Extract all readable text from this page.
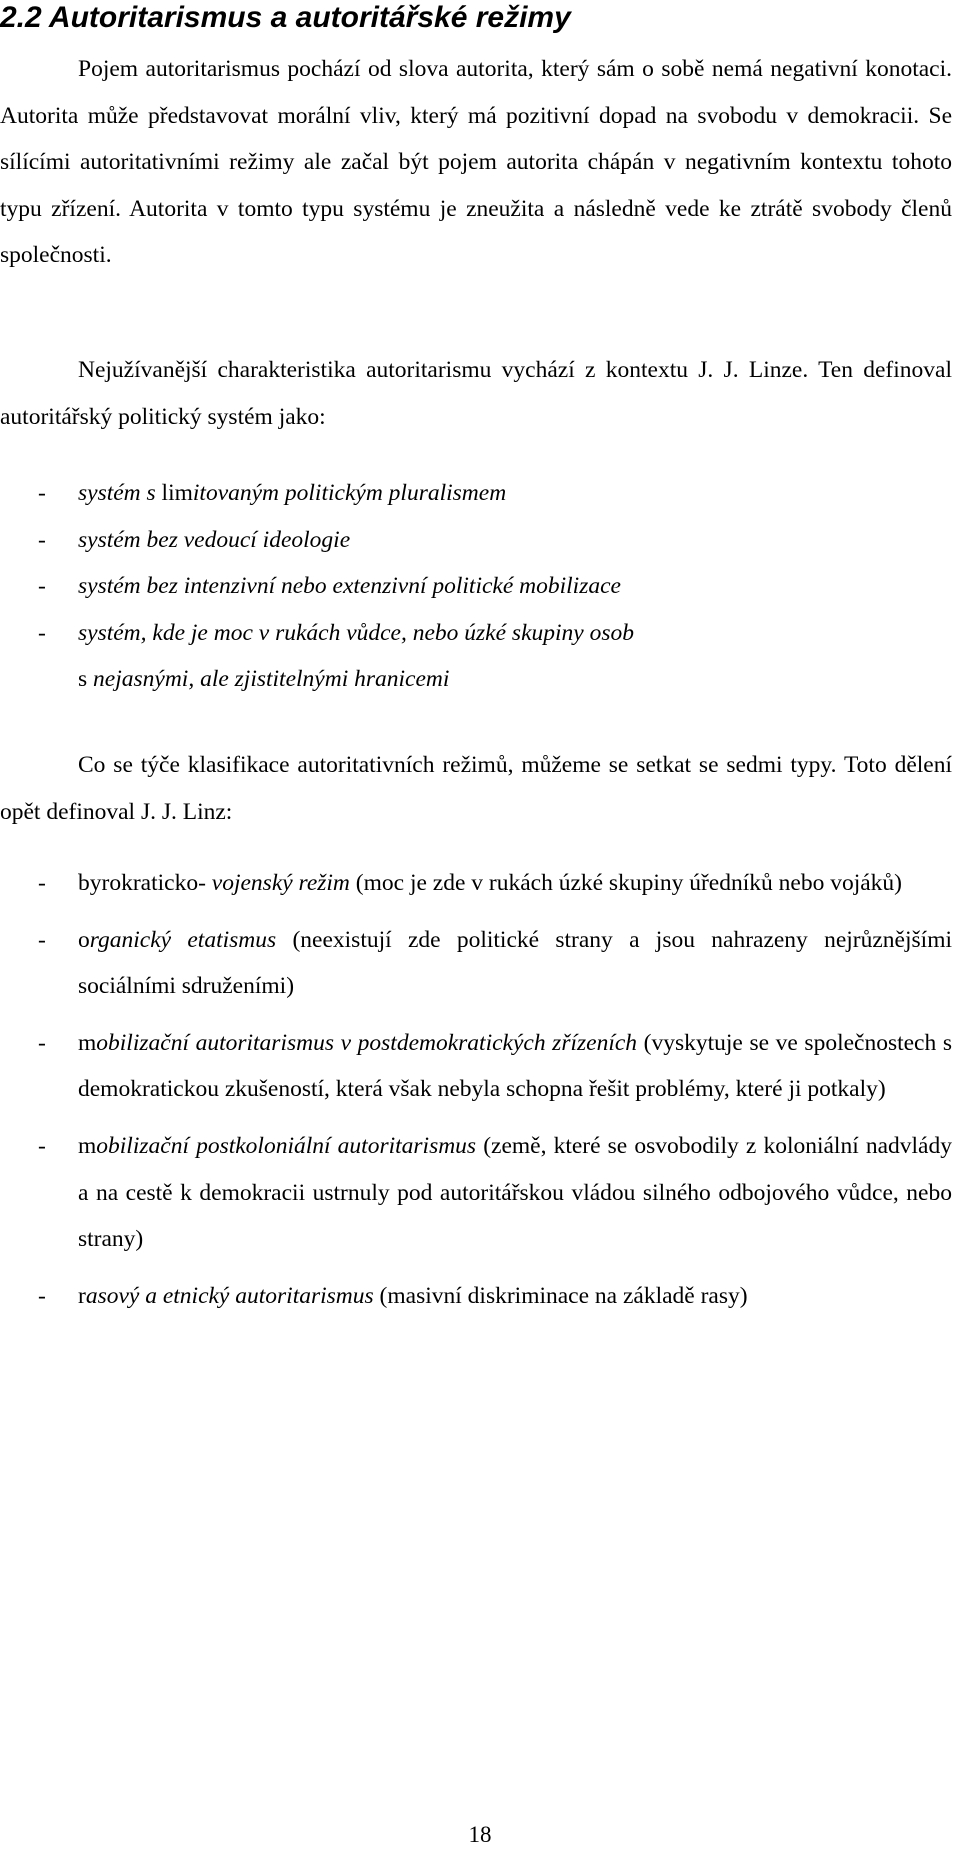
2.2 Autoritarismus a autoritářské režimy

Pojem autoritarismus pochází od slova autorita, který sám o sobě nemá negativní konotaci. Autorita může představovat morální vliv, který má pozitivní dopad na svobodu v demokracii. Se sílícími autoritativními režimy ale začal být pojem autorita chápán v negativním kontextu tohoto typu zřízení. Autorita v tomto typu systému je zneužita a následně vede ke ztrátě svobody členů společnosti.

Nejužívanější charakteristika autoritarismu vychází z kontextu J. J. Linze. Ten definoval autoritářský politický systém jako:

- systém s limitovaným politickým pluralismem
- systém bez vedoucí ideologie
- systém bez intenzivní nebo extenzivní politické mobilizace
- systém, kde je moc v rukách vůdce, nebo úzké skupiny osob
s nejasnými, ale zjistitelnými hranicemi

Co se týče klasifikace autoritativních režimů, můžeme se setkat se sedmi typy. Toto dělení opět definoval J. J. Linz:

- byrokraticko- vojenský režim (moc je zde v rukách úzké skupiny úředníků nebo vojáků)
- organický etatismus (neexistují zde politické strany a jsou nahrazeny nejrůznějšími sociálními sdruženími)
- mobilizační autoritarismus v postdemokratických zřízeních (vyskytuje se ve společnostech s demokratickou zkušeností, která však nebyla schopna řešit problémy, které ji potkaly)
- mobilizační postkoloniální autoritarismus (země, které se osvobodily z koloniální nadvlády a na cestě k demokracii ustrnuly pod autoritářskou vládou silného odbojového vůdce, nebo strany)
- rasový a etnický autoritarismus (masivní diskriminace na základě rasy)
18
